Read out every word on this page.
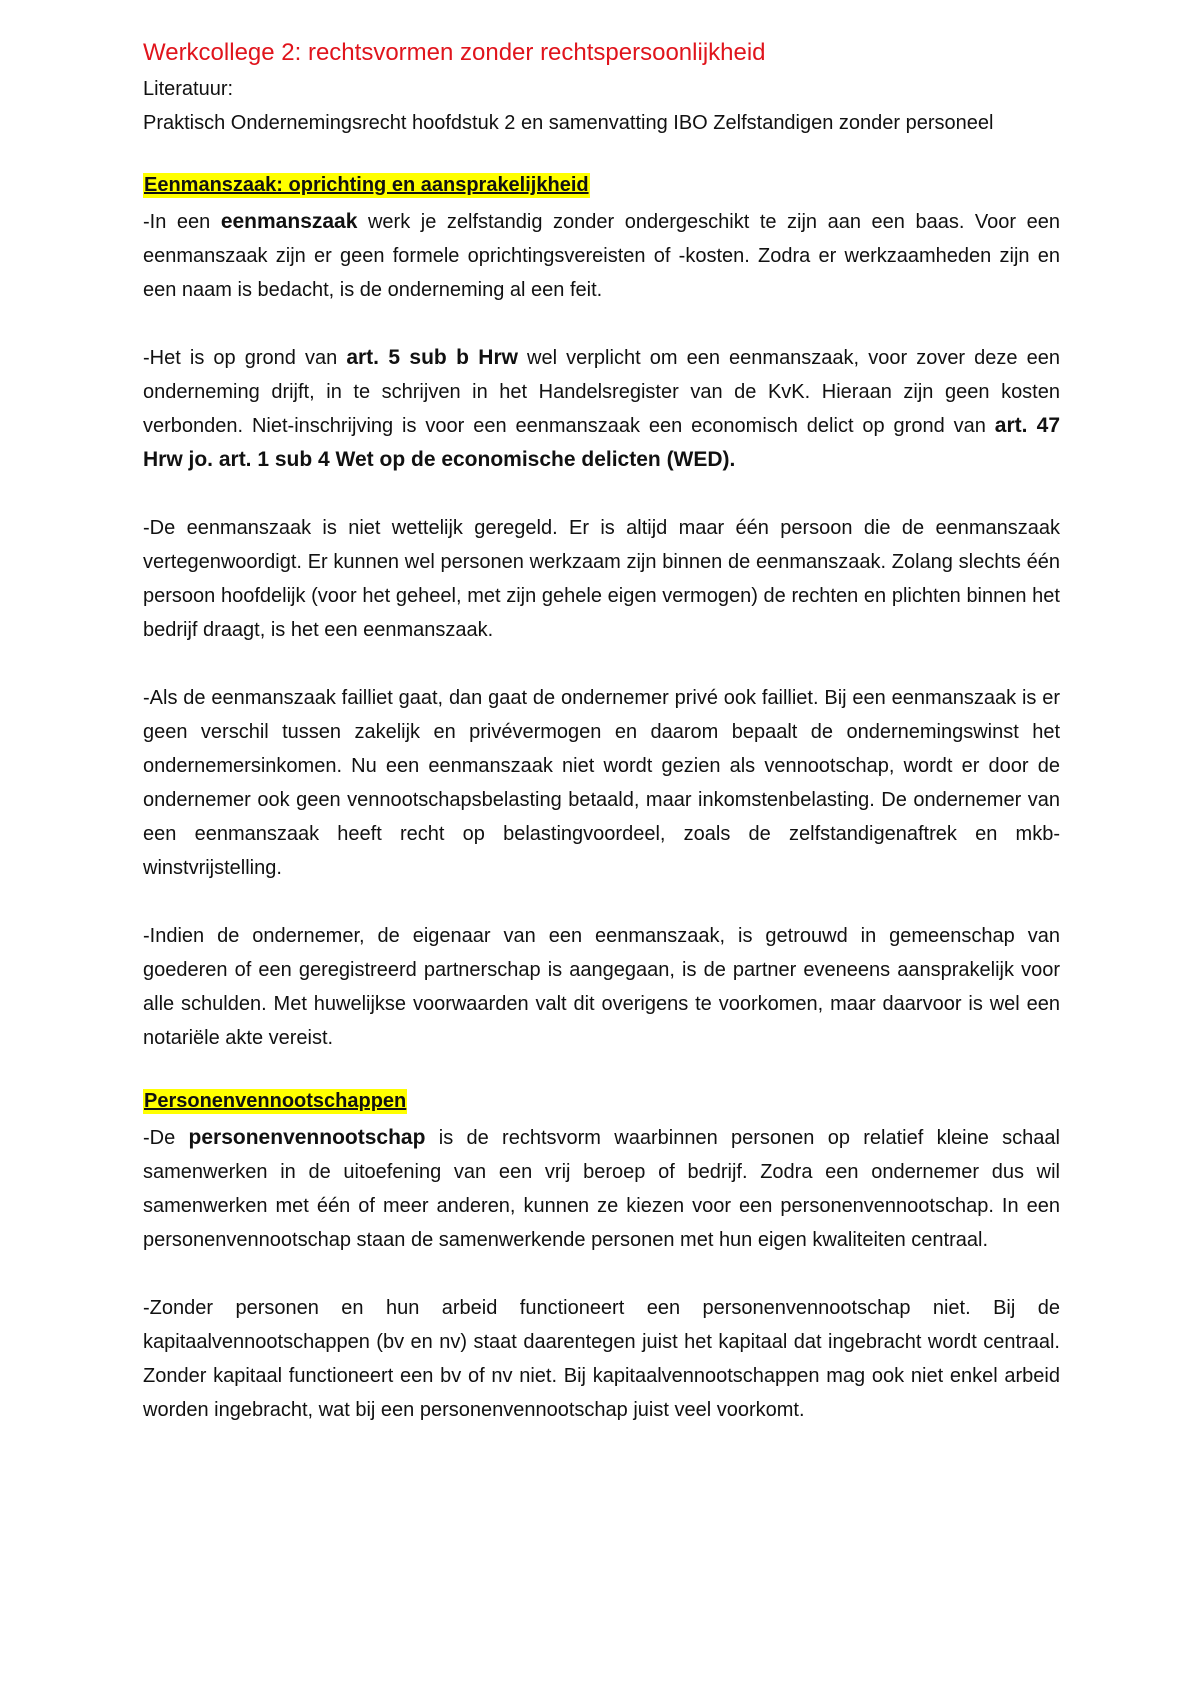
Werkcollege 2: rechtsvormen zonder rechtspersoonlijkheid

Literatuur:

Praktisch Ondernemingsrecht hoofdstuk 2 en samenvatting IBO Zelfstandigen zonder personeel

Eenmanszaak: oprichting en aansprakelijkheid

-In een eenmanszaak werk je zelfstandig zonder ondergeschikt te zijn aan een baas. Voor een eenmanszaak zijn er geen formele oprichtingsvereisten of -kosten. Zodra er werkzaamheden zijn en een naam is bedacht, is de onderneming al een feit.

-Het is op grond van art. 5 sub b Hrw wel verplicht om een eenmanszaak, voor zover deze een onderneming drijft, in te schrijven in het Handelsregister van de KvK. Hieraan zijn geen kosten verbonden. Niet-inschrijving is voor een eenmanszaak een economisch delict op grond van art. 47 Hrw jo. art. 1 sub 4 Wet op de economische delicten (WED).

-De eenmanszaak is niet wettelijk geregeld. Er is altijd maar één persoon die de eenmanszaak vertegenwoordigt. Er kunnen wel personen werkzaam zijn binnen de eenmanszaak. Zolang slechts één persoon hoofdelijk (voor het geheel, met zijn gehele eigen vermogen) de rechten en plichten binnen het bedrijf draagt, is het een eenmanszaak.

-Als de eenmanszaak failliet gaat, dan gaat de ondernemer privé ook failliet. Bij een eenmanszaak is er geen verschil tussen zakelijk en privévermogen en daarom bepaalt de ondernemingswinst het ondernemersinkomen. Nu een eenmanszaak niet wordt gezien als vennootschap, wordt er door de ondernemer ook geen vennootschapsbelasting betaald, maar inkomstenbelasting. De ondernemer van een eenmanszaak heeft recht op belastingvoordeel, zoals de zelfstandigenaftrek en mkb-winstvrijstelling.

-Indien de ondernemer, de eigenaar van een eenmanszaak, is getrouwd in gemeenschap van goederen of een geregistreerd partnerschap is aangegaan, is de partner eveneens aansprakelijk voor alle schulden. Met huwelijkse voorwaarden valt dit overigens te voorkomen, maar daarvoor is wel een notariële akte vereist.

Personenvennootschappen

-De personenvennootschap is de rechtsvorm waarbinnen personen op relatief kleine schaal samenwerken in de uitoefening van een vrij beroep of bedrijf. Zodra een ondernemer dus wil samenwerken met één of meer anderen, kunnen ze kiezen voor een personenvennootschap. In een personenvennootschap staan de samenwerkende personen met hun eigen kwaliteiten centraal.

-Zonder personen en hun arbeid functioneert een personenvennootschap niet. Bij de kapitaalvennootschappen (bv en nv) staat daarentegen juist het kapitaal dat ingebracht wordt centraal. Zonder kapitaal functioneert een bv of nv niet. Bij kapitaalvennootschappen mag ook niet enkel arbeid worden ingebracht, wat bij een personenvennootschap juist veel voorkomt.
